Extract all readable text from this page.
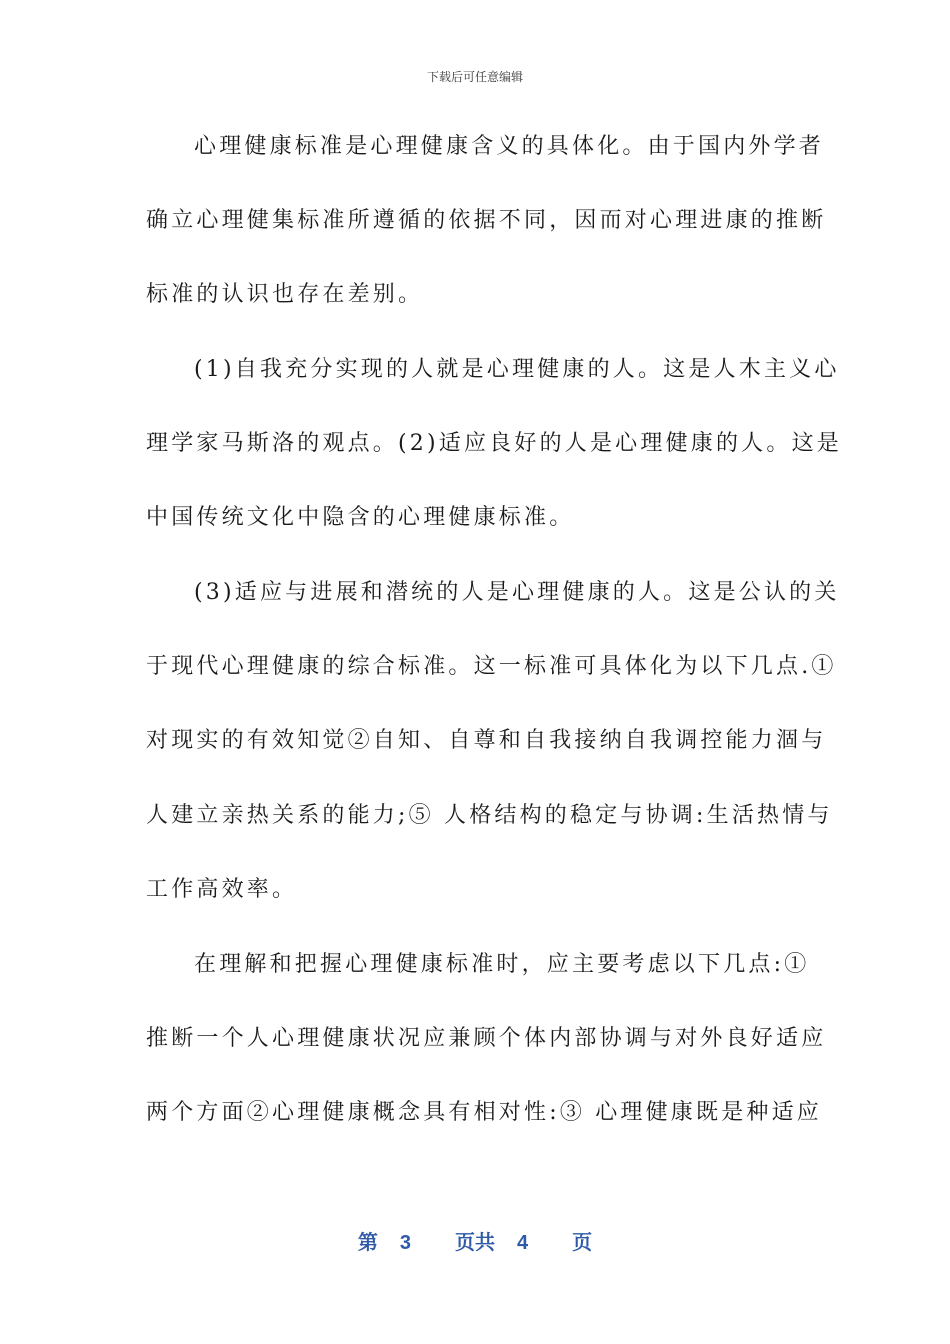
下载后可任意编辑
心理健康标准是心理健康含义的具体化。由于国内外学者
确立心理健集标准所遵循的依据不同，因而对心理进康的推断
标准的认识也存在差别。
(1)自我充分实现的人就是心理健康的人。这是人木主义心
理学家马斯洛的观点。(2)适应良好的人是心理健康的人。这是
中国传统文化中隐含的心理健康标准。
(3)适应与进展和潜统的人是心理健康的人。这是公认的关
于现代心理健康的综合标准。这一标准可具体化为以下几点.①
对现实的有效知觉②自知、自尊和自我接纳自我调控能力涸与
人建立亲热关系的能力;⑤ 人格结构的稳定与协调:生活热情与
工作高效率。
在理解和把握心理健康标准时，应主要考虑以下几点:①
推断一个人心理健康状况应兼顾个体内部协调与对外良好适应
两个方面②心理健康概念具有相对性:③ 心理健康既是种适应
第 3 页共 4 页
